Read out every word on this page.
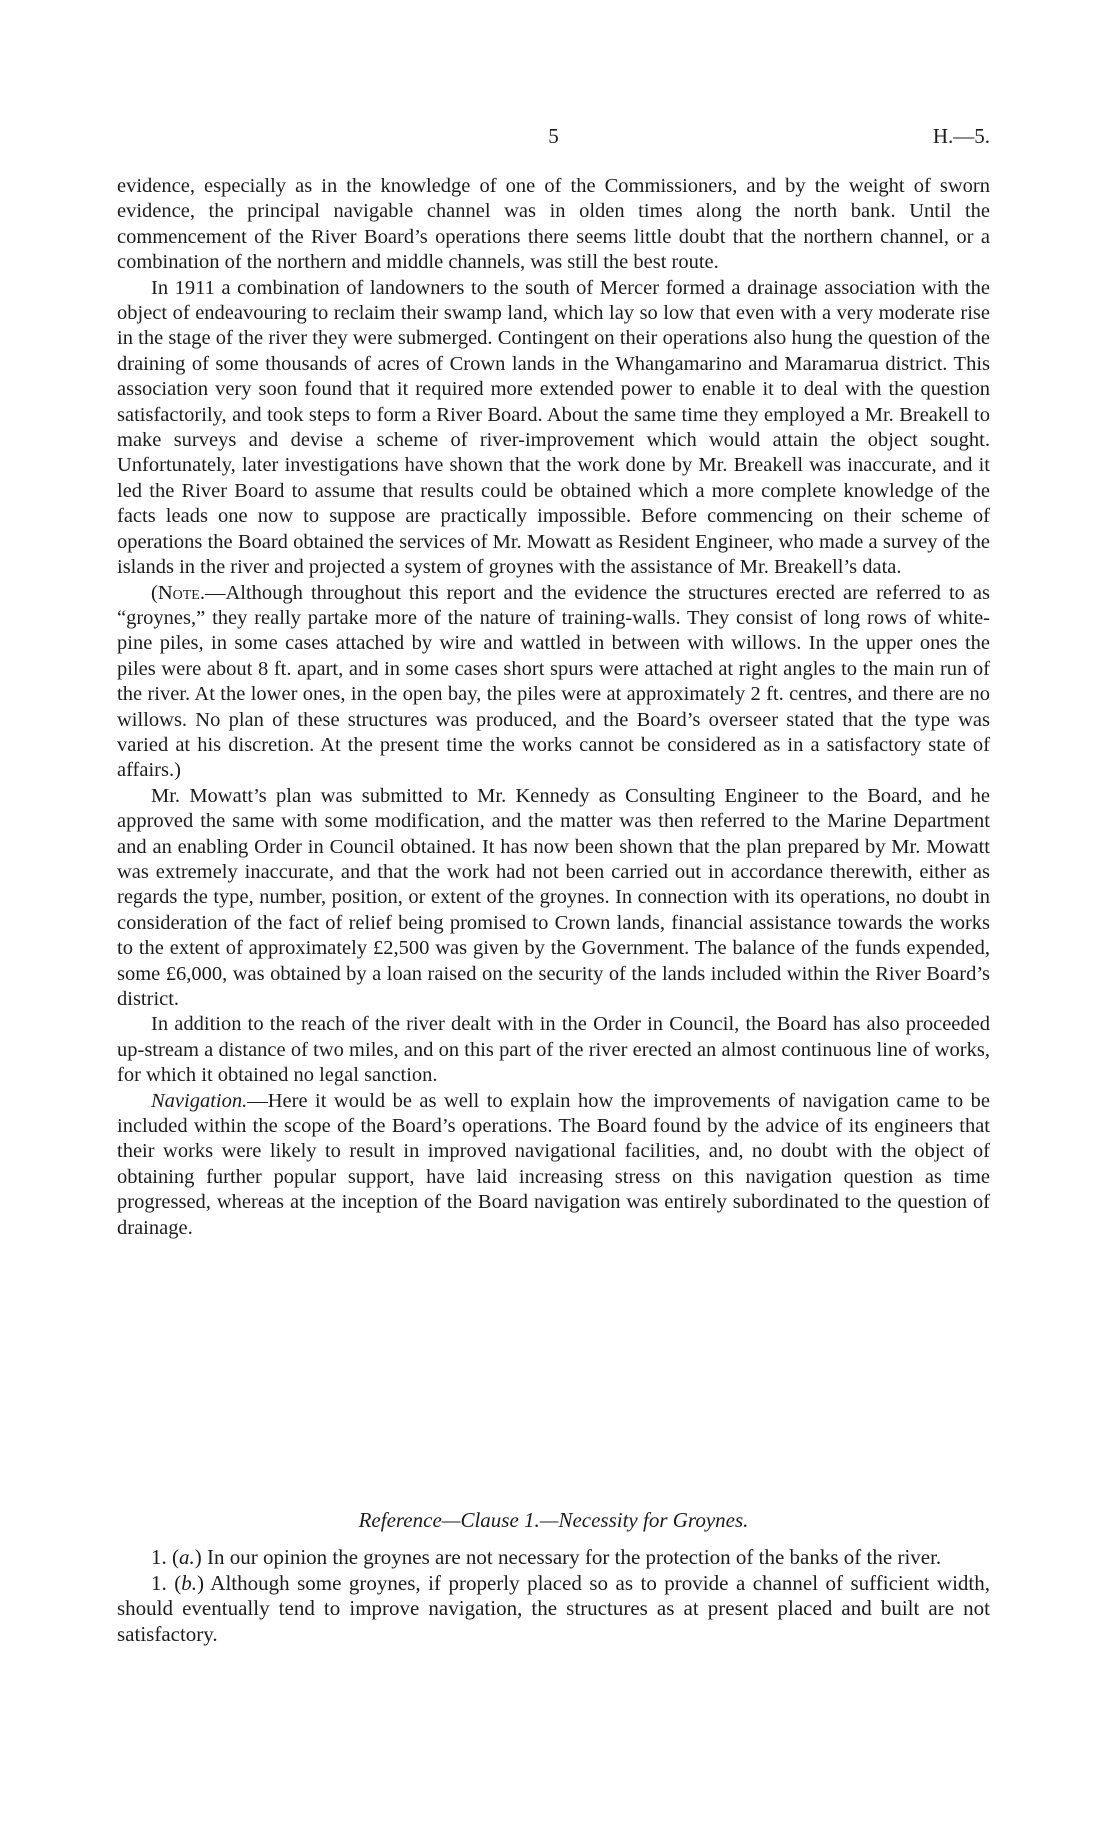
5	H.—5.

evidence, especially as in the knowledge of one of the Commissioners, and by the weight of sworn evidence, the principal navigable channel was in olden times along the north bank. Until the commencement of the River Board’s operations there seems little doubt that the northern channel, or a combination of the northern and middle channels, was still the best route.

In 1911 a combination of landowners to the south of Mercer formed a drainage association with the object of endeavouring to reclaim their swamp land, which lay so low that even with a very moderate rise in the stage of the river they were submerged. Contingent on their operations also hung the question of the draining of some thousands of acres of Crown lands in the Whangamarino and Maramarua district. This association very soon found that it required more extended power to enable it to deal with the question satisfactorily, and took steps to form a River Board. About the same time they employed a Mr. Breakell to make surveys and devise a scheme of river-improvement which would attain the object sought. Unfortunately, later investigations have shown that the work done by Mr. Breakell was inaccurate, and it led the River Board to assume that results could be obtained which a more complete knowledge of the facts leads one now to suppose are practically impossible. Before commencing on their scheme of operations the Board obtained the services of Mr. Mowatt as Resident Engineer, who made a survey of the islands in the river and projected a system of groynes with the assistance of Mr. Breakell’s data.

(Note.—Although throughout this report and the evidence the structures erected are referred to as “groynes,” they really partake more of the nature of training-walls. They consist of long rows of white-pine piles, in some cases attached by wire and wattled in between with willows. In the upper ones the piles were about 8 ft. apart, and in some cases short spurs were attached at right angles to the main run of the river. At the lower ones, in the open bay, the piles were at approximately 2 ft. centres, and there are no willows. No plan of these structures was produced, and the Board’s overseer stated that the type was varied at his discretion. At the present time the works cannot be considered as in a satisfactory state of affairs.)

Mr. Mowatt’s plan was submitted to Mr. Kennedy as Consulting Engineer to the Board, and he approved the same with some modification, and the matter was then referred to the Marine Department and an enabling Order in Council obtained. It has now been shown that the plan prepared by Mr. Mowatt was extremely inaccurate, and that the work had not been carried out in accordance therewith, either as regards the type, number, position, or extent of the groynes. In connection with its operations, no doubt in consideration of the fact of relief being promised to Crown lands, financial assistance towards the works to the extent of approximately £2,500 was given by the Government. The balance of the funds expended, some £6,000, was obtained by a loan raised on the security of the lands included within the River Board’s district.

In addition to the reach of the river dealt with in the Order in Council, the Board has also proceeded up-stream a distance of two miles, and on this part of the river erected an almost continuous line of works, for which it obtained no legal sanction.

Navigation.—Here it would be as well to explain how the improvements of navigation came to be included within the scope of the Board’s operations. The Board found by the advice of its engineers that their works were likely to result in improved navigational facilities, and, no doubt with the object of obtaining further popular support, have laid increasing stress on this navigation question as time progressed, whereas at the inception of the Board navigation was entirely subordinated to the question of drainage.

Reference—Clause 1.—Necessity for Groynes.

1. (a.) In our opinion the groynes are not necessary for the protection of the banks of the river.

1. (b.) Although some groynes, if properly placed so as to provide a channel of sufficient width, should eventually tend to improve navigation, the structures as at present placed and built are not satisfactory.
